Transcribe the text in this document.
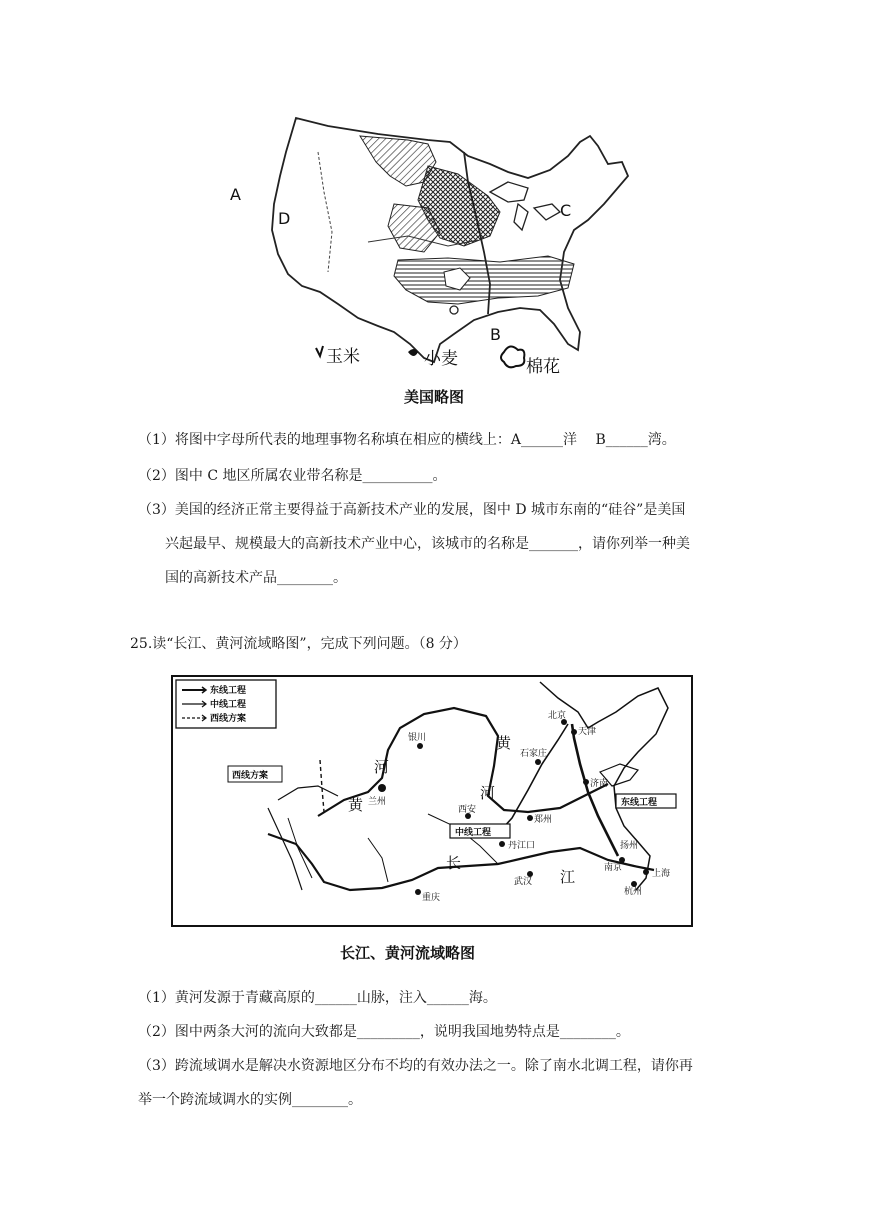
A
D	C
B
玉米	小麦	棉花
美国略图
（1）将图中字母所代表的地理事物名称填在相应的横线上：A______洋　 B______湾。
（2）图中 C 地区所属农业带名称是__________。
（3）美国的经济正常主要得益于高新技术产业的发展，图中 D 城市东南的“硅谷”是美国
兴起最早、规模最大的高新技术产业中心，该城市的名称是_______，请你列举一种美
国的高新技术产品________。
25.读“长江、黄河流域略图”，完成下列问题。（8 分）
东线工程
中线工程
西线方案
西线方案
银川
兰州
黄
河
黄
河
北京
天津
石家庄
济南
西安
郑州
中线工程
东线工程
丹江口
武汉
重庆
长
江	南京
上海
杭州
扬州
长江、黄河流域略图
（1）黄河发源于青藏高原的______山脉，注入______海。
（2）图中两条大河的流向大致都是_________，说明我国地势特点是________。
（3）跨流域调水是解决水资源地区分布不均的有效办法之一。除了南水北调工程，请你再
举一个跨流域调水的实例________。
